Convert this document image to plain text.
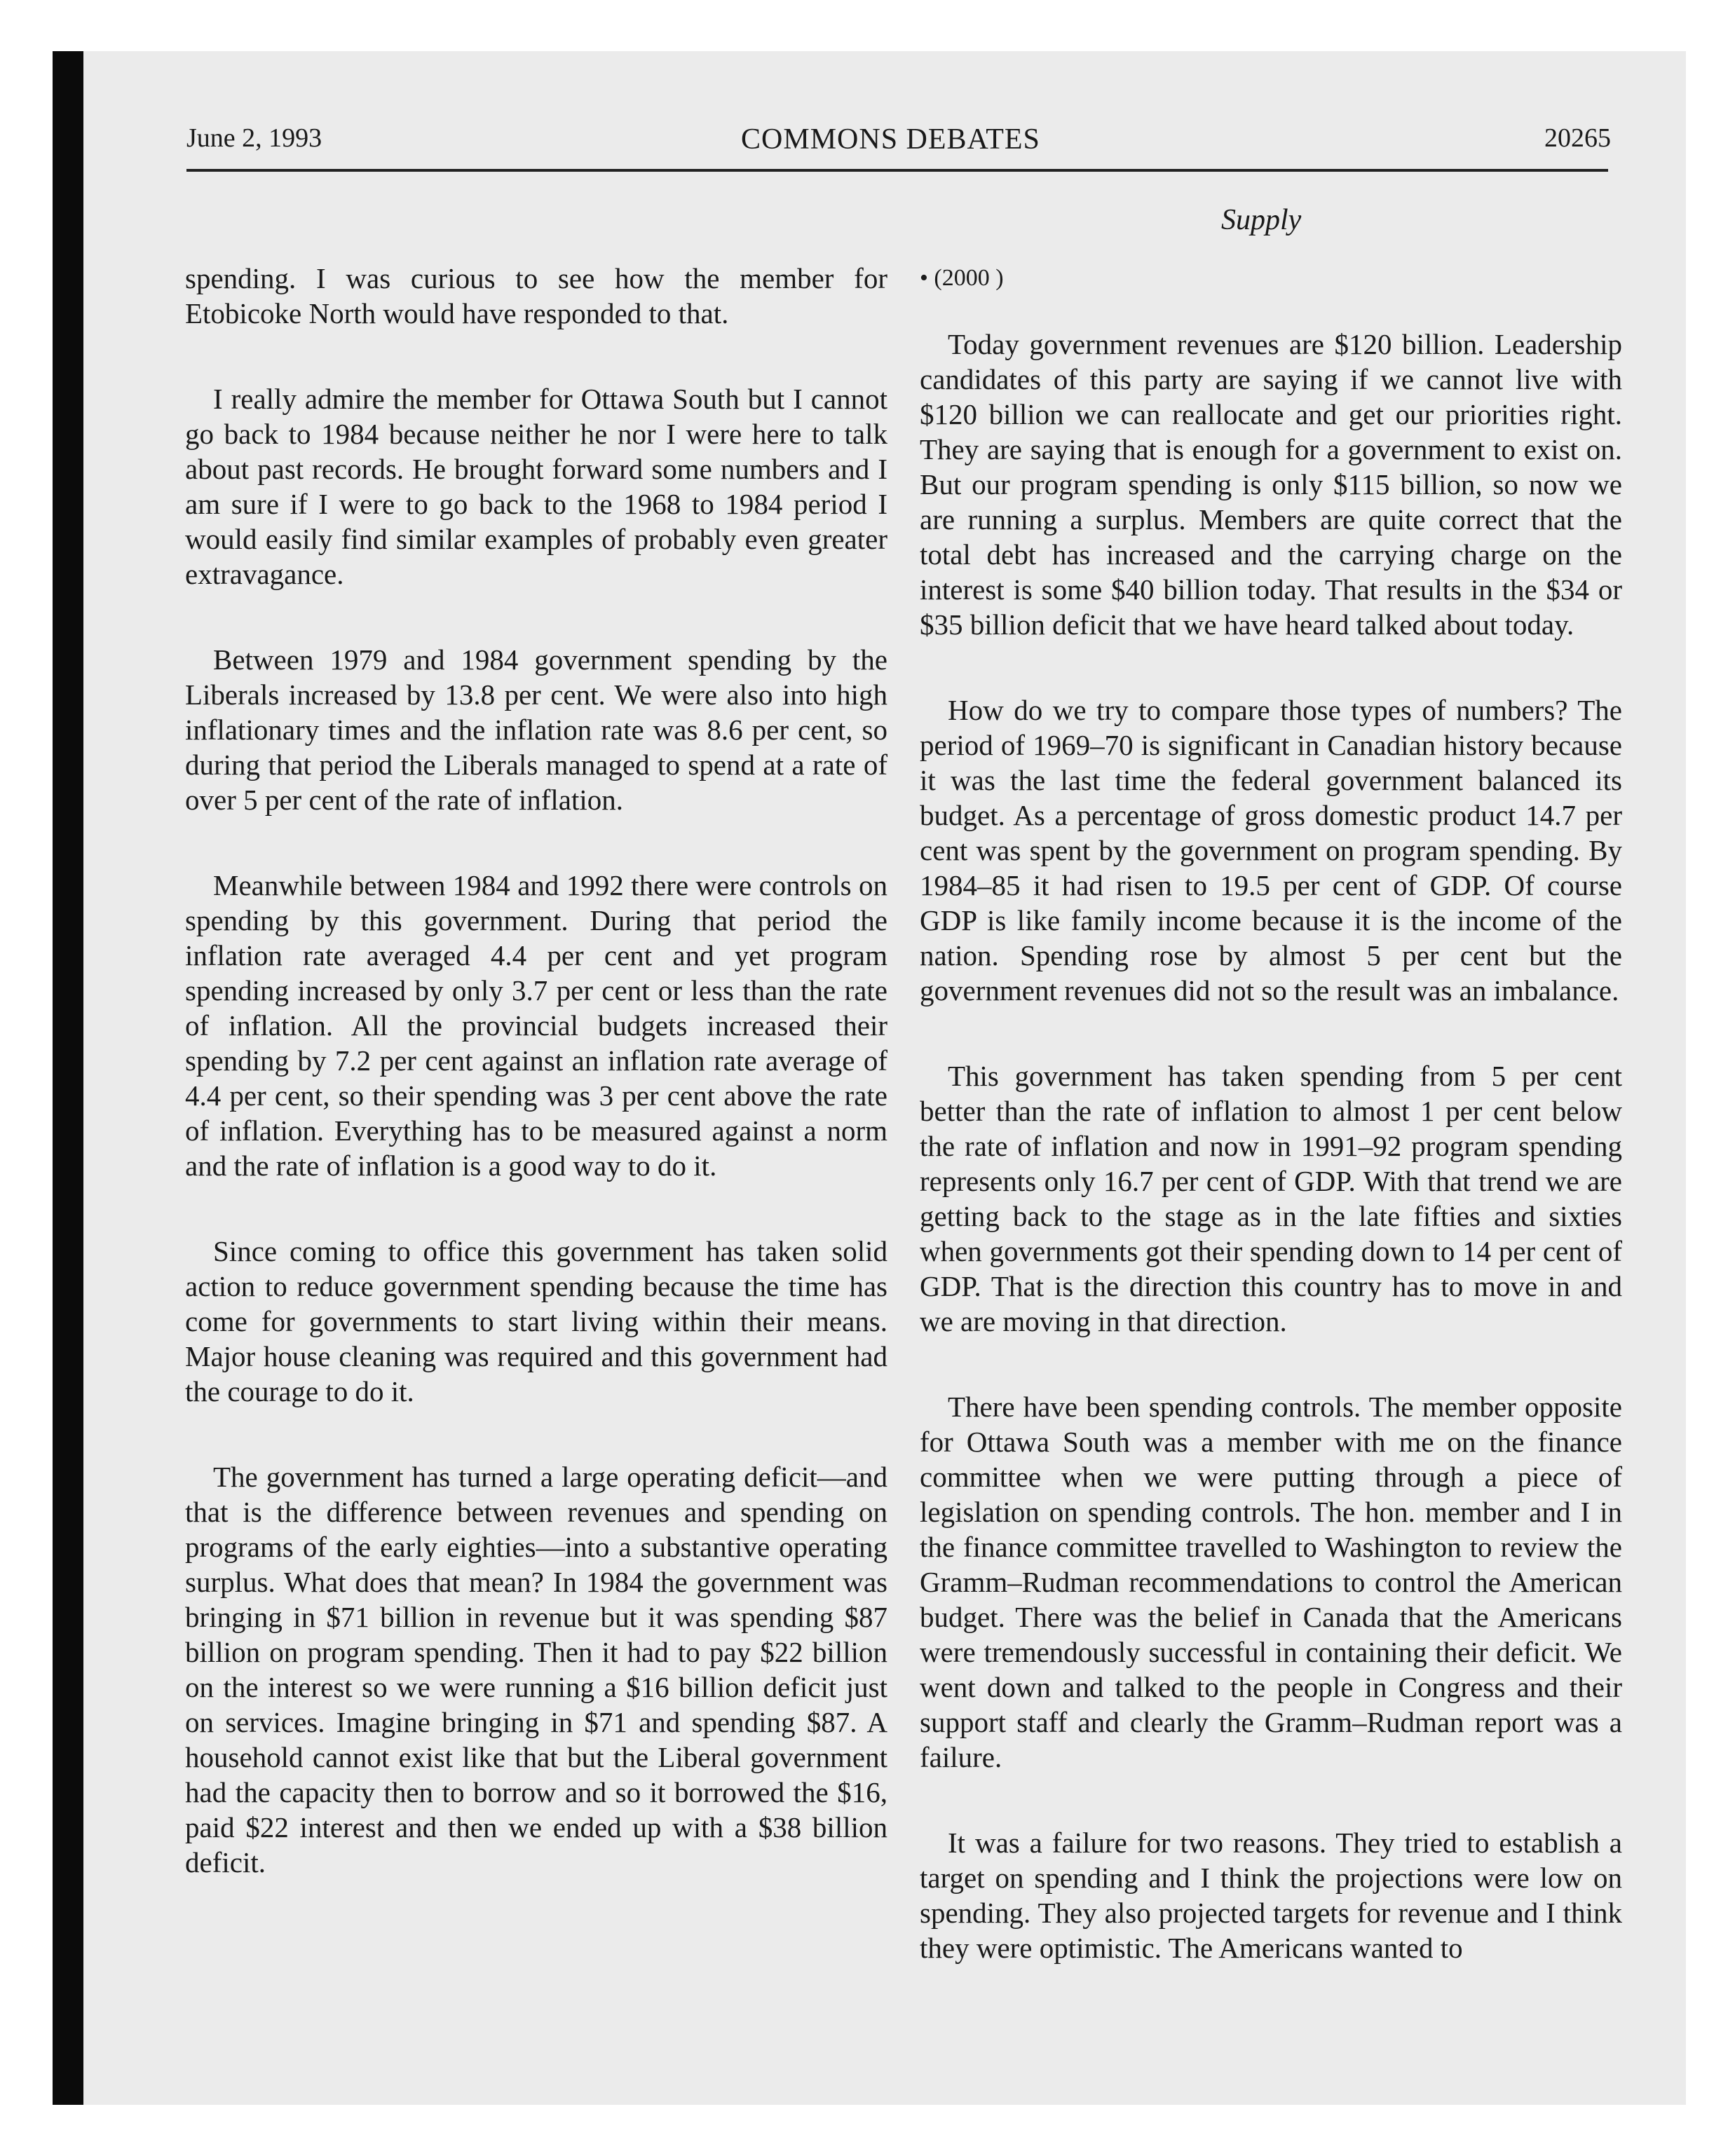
June 2, 1993	COMMONS DEBATES	20265
Supply

spending. I was curious to see how the member for Etobicoke North would have responded to that.

I really admire the member for Ottawa South but I cannot go back to 1984 because neither he nor I were here to talk about past records. He brought forward some numbers and I am sure if I were to go back to the 1968 to 1984 period I would easily find similar examples of probably even greater extravagance.

Between 1979 and 1984 government spending by the Liberals increased by 13.8 per cent. We were also into high inflationary times and the inflation rate was 8.6 per cent, so during that period the Liberals managed to spend at a rate of over 5 per cent of the rate of inflation.

Meanwhile between 1984 and 1992 there were controls on spending by this government. During that period the inflation rate averaged 4.4 per cent and yet program spending increased by only 3.7 per cent or less than the rate of inflation. All the provincial budgets increased their spending by 7.2 per cent against an inflation rate average of 4.4 per cent, so their spending was 3 per cent above the rate of inflation. Everything has to be measured against a norm and the rate of inflation is a good way to do it.

Since coming to office this government has taken solid action to reduce government spending because the time has come for governments to start living within their means. Major house cleaning was required and this government had the courage to do it.

The government has turned a large operating deficit—and that is the difference between revenues and spending on programs of the early eighties—into a substantive operating surplus. What does that mean? In 1984 the government was bringing in $71 billion in revenue but it was spending $87 billion on program spending. Then it had to pay $22 billion on the interest so we were running a $16 billion deficit just on services. Imagine bringing in $71 and spending $87. A household cannot exist like that but the Liberal government had the capacity then to borrow and so it borrowed the $16, paid $22 interest and then we ended up with a $38 billion deficit.

• (2000 )

Today government revenues are $120 billion. Leadership candidates of this party are saying if we cannot live with $120 billion we can reallocate and get our priorities right. They are saying that is enough for a government to exist on. But our program spending is only $115 billion, so now we are running a surplus. Members are quite correct that the total debt has increased and the carrying charge on the interest is some $40 billion today. That results in the $34 or $35 billion deficit that we have heard talked about today.

How do we try to compare those types of numbers? The period of 1969–70 is significant in Canadian history because it was the last time the federal government balanced its budget. As a percentage of gross domestic product 14.7 per cent was spent by the government on program spending. By 1984–85 it had risen to 19.5 per cent of GDP. Of course GDP is like family income because it is the income of the nation. Spending rose by almost 5 per cent but the government revenues did not so the result was an imbalance.

This government has taken spending from 5 per cent better than the rate of inflation to almost 1 per cent below the rate of inflation and now in 1991–92 program spending represents only 16.7 per cent of GDP. With that trend we are getting back to the stage as in the late fifties and sixties when governments got their spending down to 14 per cent of GDP. That is the direction this country has to move in and we are moving in that direction.

There have been spending controls. The member opposite for Ottawa South was a member with me on the finance committee when we were putting through a piece of legislation on spending controls. The hon. member and I in the finance committee travelled to Washington to review the Gramm–Rudman recommendations to control the American budget. There was the belief in Canada that the Americans were tremendously successful in containing their deficit. We went down and talked to the people in Congress and their support staff and clearly the Gramm–Rudman report was a failure.

It was a failure for two reasons. They tried to establish a target on spending and I think the projections were low on spending. They also projected targets for revenue and I think they were optimistic. The Americans wanted to
